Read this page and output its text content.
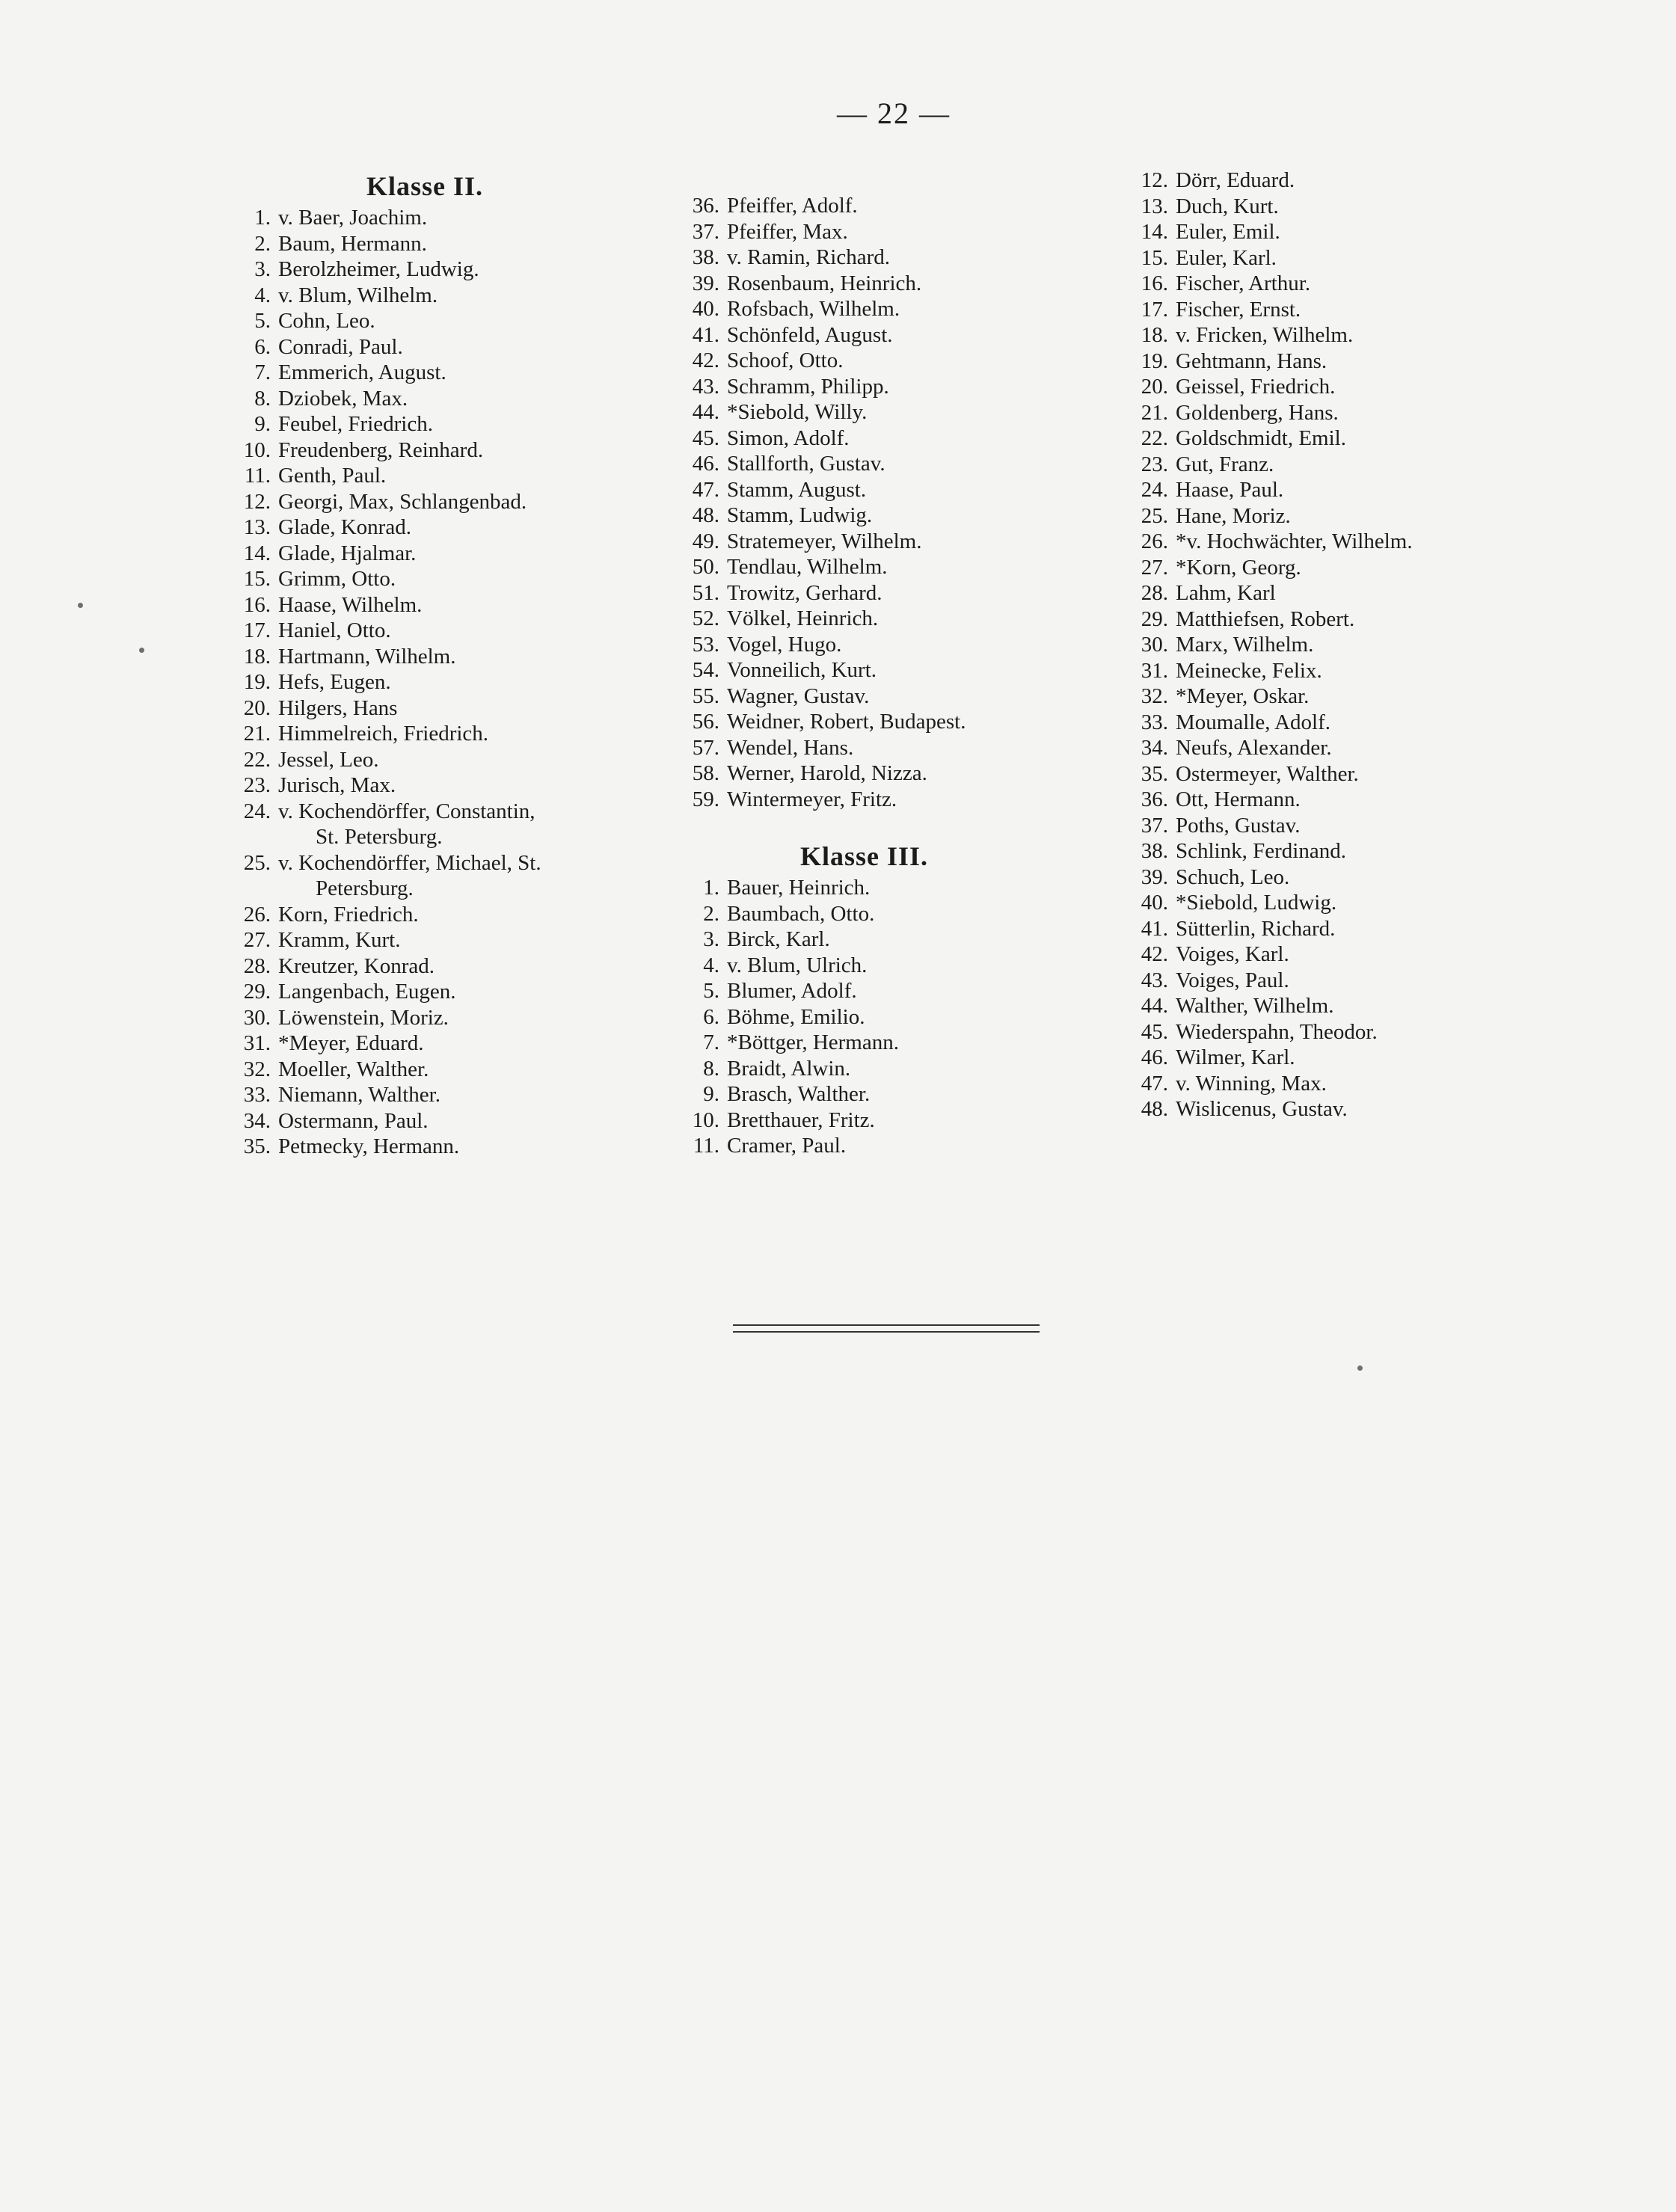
— 22 —
Klasse II.
1. v. Baer, Joachim.
2. Baum, Hermann.
3. Berolzheimer, Ludwig.
4. v. Blum, Wilhelm.
5. Cohn, Leo.
6. Conradi, Paul.
7. Emmerich, August.
8. Dziobek, Max.
9. Feubel, Friedrich.
10. Freudenberg, Reinhard.
11. Genth, Paul.
12. Georgi, Max, Schlangenbad.
13. Glade, Konrad.
14. Glade, Hjalmar.
15. Grimm, Otto.
16. Haase, Wilhelm.
17. Haniel, Otto.
18. Hartmann, Wilhelm.
19. Hefs, Eugen.
20. Hilgers, Hans
21. Himmelreich, Friedrich.
22. Jessel, Leo.
23. Jurisch, Max.
24. v. Kochendörffer, Constantin,
St. Petersburg.
25. v. Kochendörffer, Michael, St.
Petersburg.
26. Korn, Friedrich.
27. Kramm, Kurt.
28. Kreutzer, Konrad.
29. Langenbach, Eugen.
30. Löwenstein, Moriz.
31. *Meyer, Eduard.
32. Moeller, Walther.
33. Niemann, Walther.
34. Ostermann, Paul.
35. Petmecky, Hermann.
36. Pfeiffer, Adolf.
37. Pfeiffer, Max.
38. v. Ramin, Richard.
39. Rosenbaum, Heinrich.
40. Rofsbach, Wilhelm.
41. Schönfeld, August.
42. Schoof, Otto.
43. Schramm, Philipp.
44. *Siebold, Willy.
45. Simon, Adolf.
46. Stallforth, Gustav.
47. Stamm, August.
48. Stamm, Ludwig.
49. Stratemeyer, Wilhelm.
50. Tendlau, Wilhelm.
51. Trowitz, Gerhard.
52. Völkel, Heinrich.
53. Vogel, Hugo.
54. Vonneilich, Kurt.
55. Wagner, Gustav.
56. Weidner, Robert, Budapest.
57. Wendel, Hans.
58. Werner, Harold, Nizza.
59. Wintermeyer, Fritz.
Klasse III.
1. Bauer, Heinrich.
2. Baumbach, Otto.
3. Birck, Karl.
4. v. Blum, Ulrich.
5. Blumer, Adolf.
6. Böhme, Emilio.
7. *Böttger, Hermann.
8. Braidt, Alwin.
9. Brasch, Walther.
10. Bretthauer, Fritz.
11. Cramer, Paul.
12. Dörr, Eduard.
13. Duch, Kurt.
14. Euler, Emil.
15. Euler, Karl.
16. Fischer, Arthur.
17. Fischer, Ernst.
18. v. Fricken, Wilhelm.
19. Gehtmann, Hans.
20. Geissel, Friedrich.
21. Goldenberg, Hans.
22. Goldschmidt, Emil.
23. Gut, Franz.
24. Haase, Paul.
25. Hane, Moriz.
26. *v. Hochwächter, Wilhelm.
27. *Korn, Georg.
28. Lahm, Karl
29. Matthiefsen, Robert.
30. Marx, Wilhelm.
31. Meinecke, Felix.
32. *Meyer, Oskar.
33. Moumalle, Adolf.
34. Neufs, Alexander.
35. Ostermeyer, Walther.
36. Ott, Hermann.
37. Poths, Gustav.
38. Schlink, Ferdinand.
39. Schuch, Leo.
40. *Siebold, Ludwig.
41. Sütterlin, Richard.
42. Voiges, Karl.
43. Voiges, Paul.
44. Walther, Wilhelm.
45. Wiederspahn, Theodor.
46. Wilmer, Karl.
47. v. Winning, Max.
48. Wislicenus, Gustav.
